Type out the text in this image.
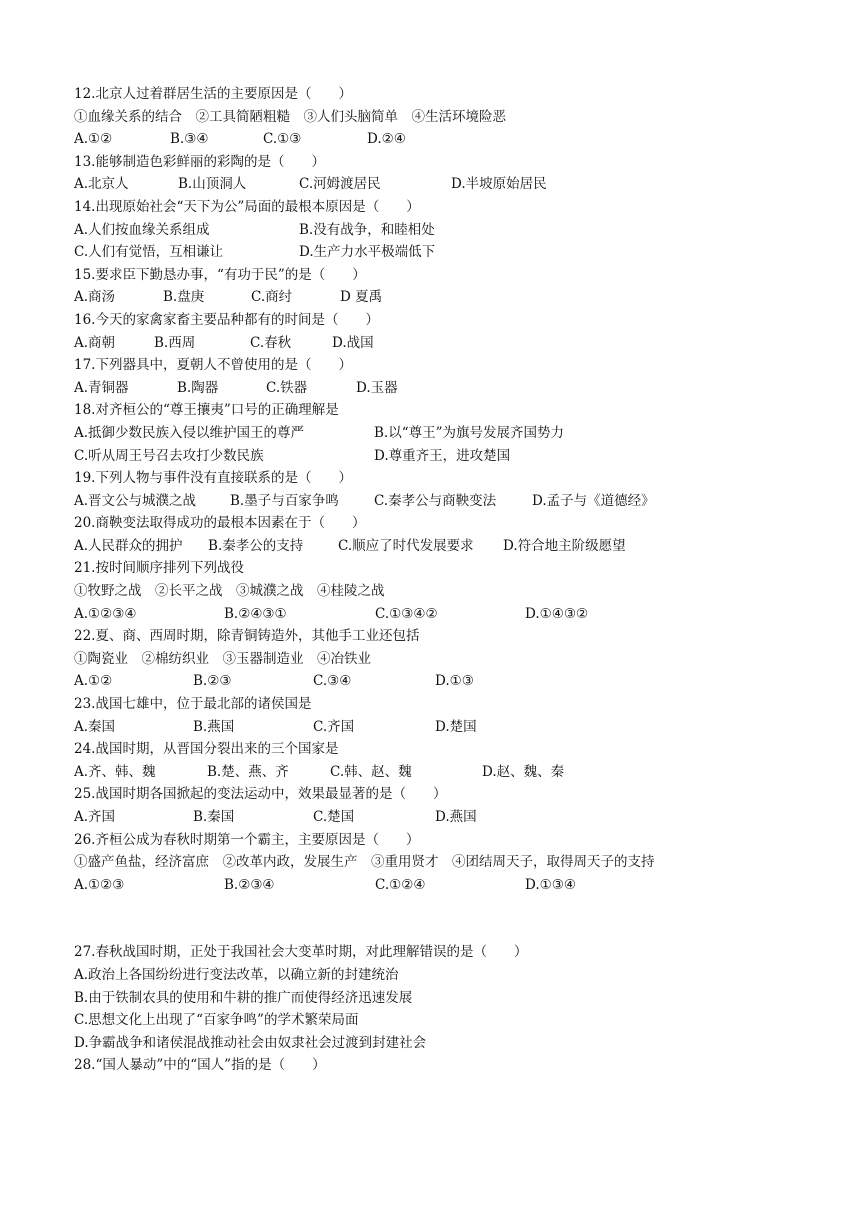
12.北京人过着群居生活的主要原因是（　　）
①血缘关系的结合　②工具简陋粗糙　③人们头脑简单　④生活环境险恶
A.①②	B.③④	C.①③	D.②④
13.能够制造色彩鲜丽的彩陶的是（　　）
A.北京人	B.山顶洞人	C.河姆渡居民	D.半坡原始居民
14.出现原始社会“天下为公”局面的最根本原因是（　　）
A.人们按血缘关系组成	B.没有战争，和睦相处
C.人们有觉悟，互相谦让	D.生产力水平极端低下
15.要求臣下勤恳办事，“有功于民”的是（　　）
A.商汤	B.盘庚	C.商纣	D 夏禹
16.今天的家禽家畜主要品种都有的时间是（　　）
A.商朝	B.西周	C.春秋	D.战国
17.下列器具中，夏朝人不曾使用的是（　　）
A.青铜器	B.陶器	C.铁器	D.玉器
18.对齐桓公的“尊王攘夷”口号的正确理解是
A.抵御少数民族入侵以维护国王的尊严	B.以“尊王”为旗号发展齐国势力
C.听从周王号召去攻打少数民族	D.尊重齐王，进攻楚国
19.下列人物与事件没有直接联系的是（　　）
A.晋文公与城濮之战	B.墨子与百家争鸣	C.秦孝公与商鞅变法	D.孟子与《道德经》
20.商鞅变法取得成功的最根本因素在于（　　）
A.人民群众的拥护 B.秦孝公的支持	C.顺应了时代发展要求 D.符合地主阶级愿望
21.按时间顺序排列下列战役
①牧野之战　②长平之战　③城濮之战　④桂陵之战
A.①②③④	B.②④③①	C.①③④②	D.①④③②
22.夏、商、西周时期，除青铜铸造外，其他手工业还包括
①陶瓷业　②棉纺织业　③玉器制造业　④冶铁业
A.①②	B.②③	C.③④	D.①③
23.战国七雄中，位于最北部的诸侯国是
A.秦国	B.燕国	C.齐国	D.楚国
24.战国时期，从晋国分裂出来的三个国家是
A.齐、韩、魏	B.楚、燕、齐	C.韩、赵、魏	D.赵、魏、秦
25.战国时期各国掀起的变法运动中，效果最显著的是（　　）
A.齐国	B.秦国	C.楚国	D.燕国
26.齐桓公成为春秋时期第一个霸主，主要原因是（　　）
①盛产鱼盐，经济富庶　②改革内政，发展生产　③重用贤才　④团结周天子，取得周天子的支持
A.①②③	B.②③④	C.①②④	D.①③④
27.春秋战国时期，正处于我国社会大变革时期，对此理解错误的是（　　）
A.政治上各国纷纷进行变法改革，以确立新的封建统治
B.由于铁制农具的使用和牛耕的推广而使得经济迅速发展
C.思想文化上出现了“百家争鸣”的学术繁荣局面
D.争霸战争和诸侯混战推动社会由奴隶社会过渡到封建社会
28.“国人暴动”中的“国人”指的是（　　）
